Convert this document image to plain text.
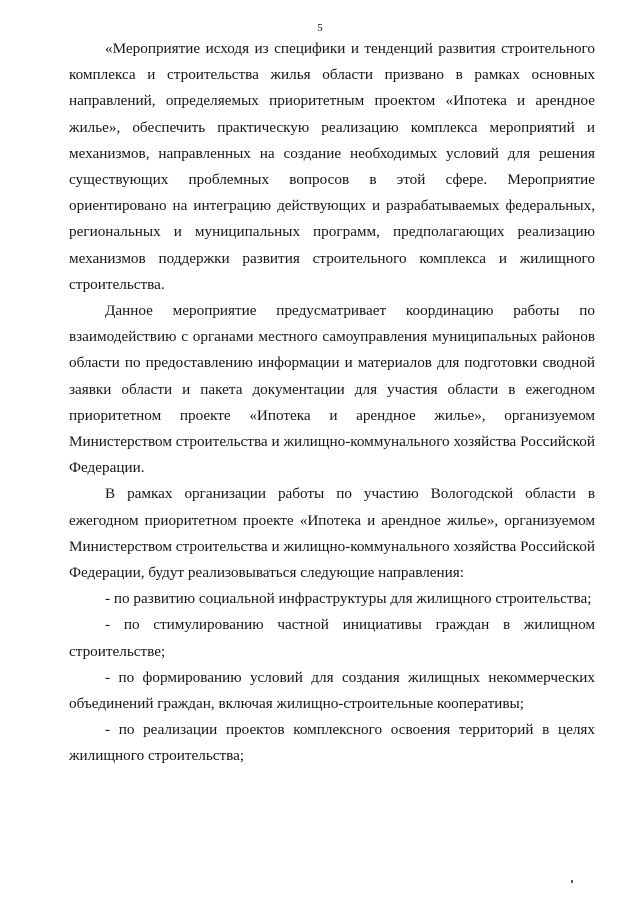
5

«Мероприятие исходя из специфики и тенденций развития строительного комплекса и строительства жилья области призвано в рамках основных направлений, определяемых приоритетным проектом «Ипотека и арендное жилье», обеспечить практическую реализацию комплекса мероприятий и механизмов, направленных на создание необходимых условий для решения существующих проблемных вопросов в этой сфере. Мероприятие ориентировано на интеграцию действующих и разрабатываемых федеральных, региональных и муниципальных программ, предполагающих реализацию механизмов поддержки развития строительного комплекса и жилищного строительства.

Данное мероприятие предусматривает координацию работы по взаимодействию с органами местного самоуправления муниципальных районов области по предоставлению информации и материалов для подготовки сводной заявки области и пакета документации для участия области в ежегодном приоритетном проекте «Ипотека и арендное жилье», организуемом Министерством строительства и жилищно-коммунального хозяйства Российской Федерации.

В рамках организации работы по участию Вологодской области в ежегодном приоритетном проекте «Ипотека и арендное жилье», организуемом Министерством строительства и жилищно-коммунального хозяйства Российской Федерации, будут реализовываться следующие направления:

- по развитию социальной инфраструктуры для жилищного строительства;

- по стимулированию частной инициативы граждан в жилищном строительстве;

- по формированию условий для создания жилищных некоммерческих объединений граждан, включая жилищно-строительные кооперативы;

- по реализации проектов комплексного освоения территорий в целях жилищного строительства;
